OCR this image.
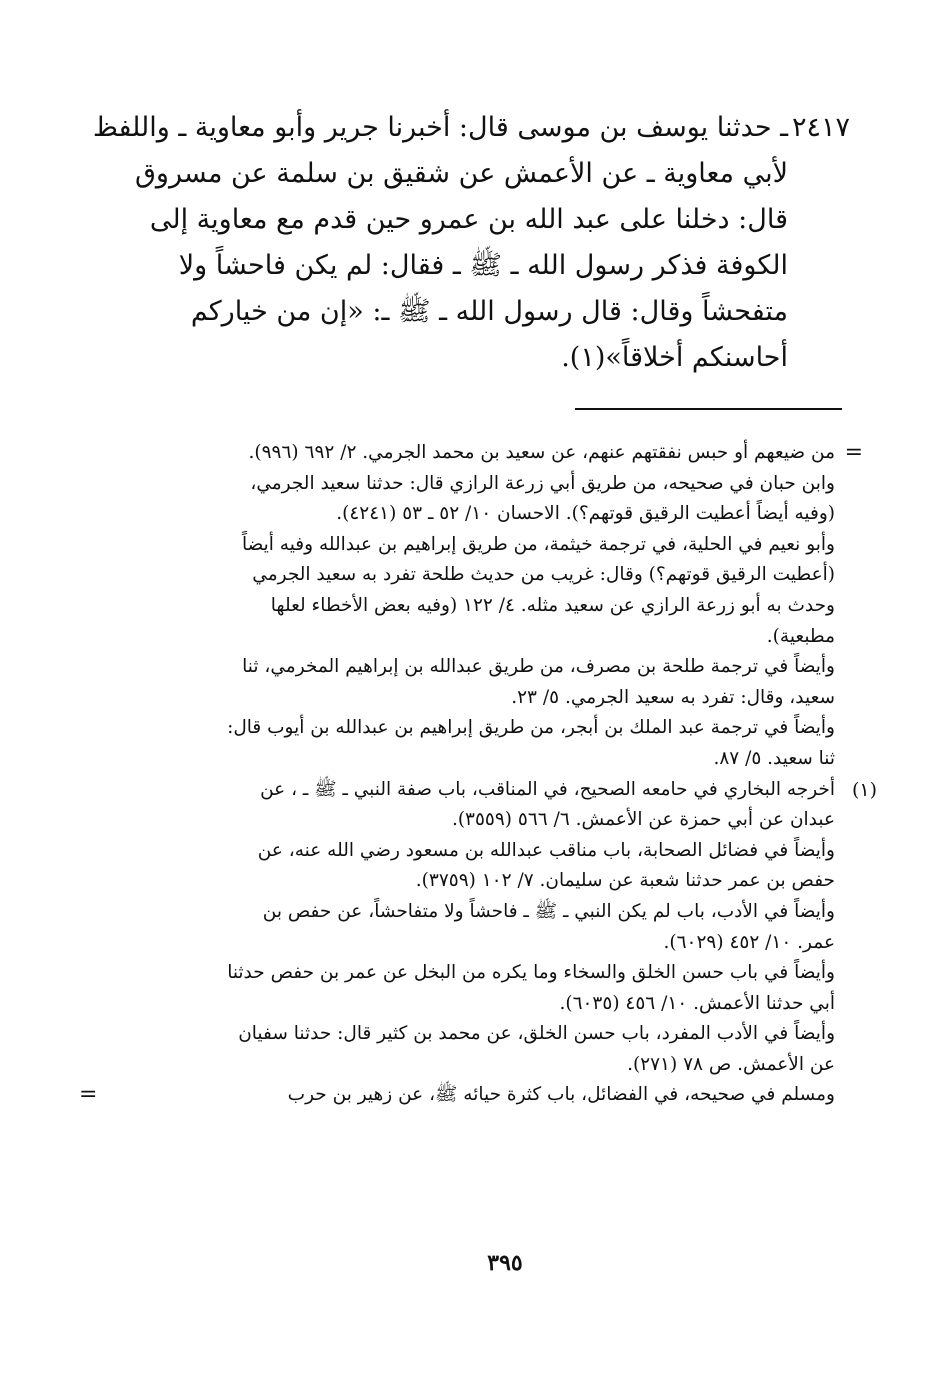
٢٤١٧ـ حدثنا يوسف بن موسى قال: أخبرنا جرير وأبو معاوية ـ واللفظ
لأبي معاوية ـ عن الأعمش عن شقيق بن سلمة عن مسروق
قال: دخلنا على عبد الله بن عمرو حين قدم مع معاوية إلى
الكوفة فذكر رسول الله ـ ﷺ ـ فقال: لم يكن فاحشاً ولا
متفحشاً وقال: قال رسول الله ـ ﷺ ـ: «إن من خياركم
أحاسنكم أخلاقاً»(١).
=
من ضيعهم أو حبس نفقتهم عنهم، عن سعيد بن محمد الجرمي. ٢/ ٦٩٢ (٩٩٦).
وابن حبان في صحيحه، من طريق أبي زرعة الرازي قال: حدثنا سعيد الجرمي،
(وفيه أيضاً أعطيت الرقيق قوتهم؟). الاحسان ١٠/ ٥٢ ـ ٥٣ (٤٢٤١).
وأبو نعيم في الحلية، في ترجمة خيثمة، من طريق إبراهيم بن عبدالله وفيه أيضاً
(أعطيت الرقيق قوتهم؟) وقال: غريب من حديث طلحة تفرد به سعيد الجرمي
وحدث به أبو زرعة الرازي عن سعيد مثله. ٤/ ١٢٢ (وفيه بعض الأخطاء لعلها
مطبعية).
وأيضاً في ترجمة طلحة بن مصرف، من طريق عبدالله بن إبراهيم المخرمي، ثنا
سعيد، وقال: تفرد به سعيد الجرمي. ٥/ ٢٣.
وأيضاً في ترجمة عبد الملك بن أبجر، من طريق إبراهيم بن عبدالله بن أيوب قال:
ثنا سعيد. ٥/ ٨٧.
(١)
أخرجه البخاري في حامعه الصحيح، في المناقب، باب صفة النبي ـ ﷺ ـ ، عن
عبدان عن أبي حمزة عن الأعمش. ٦/ ٥٦٦ (٣٥٥٩).
وأيضاً في فضائل الصحابة، باب مناقب عبدالله بن مسعود رضي الله عنه، عن
حفص بن عمر حدثنا شعبة عن سليمان. ٧/ ١٠٢ (٣٧٥٩).
وأيضاً في الأدب، باب لم يكن النبي ـ ﷺ ـ فاحشاً ولا متفاحشاً، عن حفص بن
عمر. ١٠/ ٤٥٢ (٦٠٢٩).
وأيضاً في باب حسن الخلق والسخاء وما يكره من البخل عن عمر بن حفص حدثنا
أبي حدثنا الأعمش. ١٠/ ٤٥٦ (٦٠٣٥).
وأيضاً في الأدب المفرد، باب حسن الخلق، عن محمد بن كثير قال: حدثنا سفيان
عن الأعمش. ص ٧٨ (٢٧١).
=	ومسلم في صحيحه، في الفضائل، باب كثرة حيائه ﷺ، عن زهير بن حرب
٣٩٥
